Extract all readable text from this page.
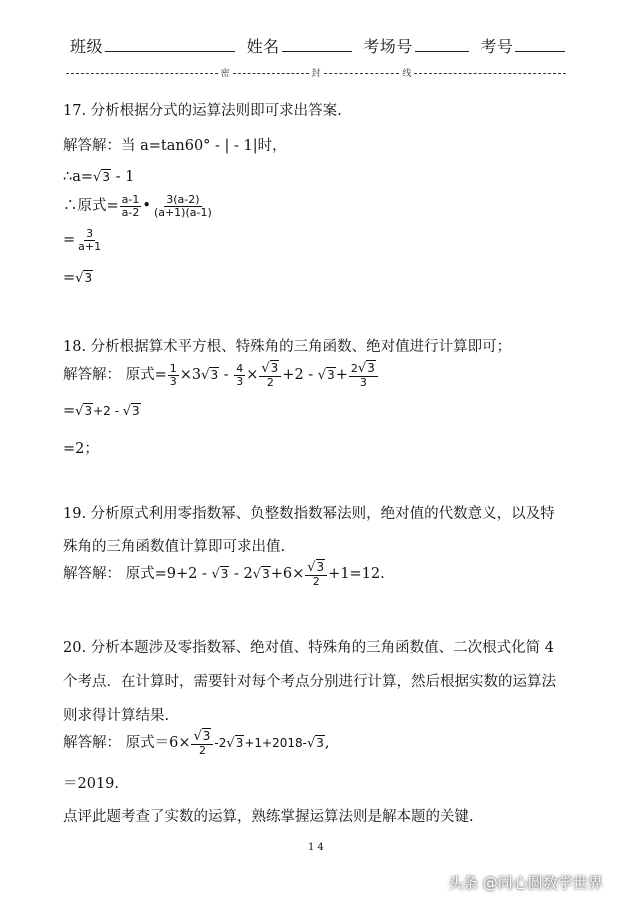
班级	姓名	考场号	考号
密	封	线
17. 分析根据分式的运算法则即可求出答案.
解答解：当 a=tan60° - | - 1|时，
∴a=√3 - 1
∴原式= $\frac{a-1}{a-2}$ • $\frac{3(a-2)}{(a+1)(a-1)}$
= $\frac{3}{a+1}$
=√3
18. 分析根据算术平方根、特殊角的三角函数、绝对值进行计算即可；
解答解： 原式= $\frac{1}{3} \times 3√3 - \frac{4}{3} \times \frac{√3}{2} +2 - √3+ \frac{2√3}{3}$
=√3+2 - √3
=2；
19. 分析原式利用零指数幂、负整数指数幂法则，绝对值的代数意义，以及特
殊角的三角函数值计算即可求出值.
解答解： 原式$=9+2 - √3 - 2√3+6\times \frac{√3}{2} +1=12$.
20. 分析本题涉及零指数幂、绝对值、特殊角的三角函数值、二次根式化简 4
个考点．在计算时，需要针对每个考点分别进行计算，然后根据实数的运算法
则求得计算结果.
解答解： 原式$=6\times \frac{√3}{2} -2√3+1+2018-√3$,
＝2019.
点评此题考查了实数的运算，熟练掌握运算法则是解本题的关键.
14
头条 @同心圆数学世界
